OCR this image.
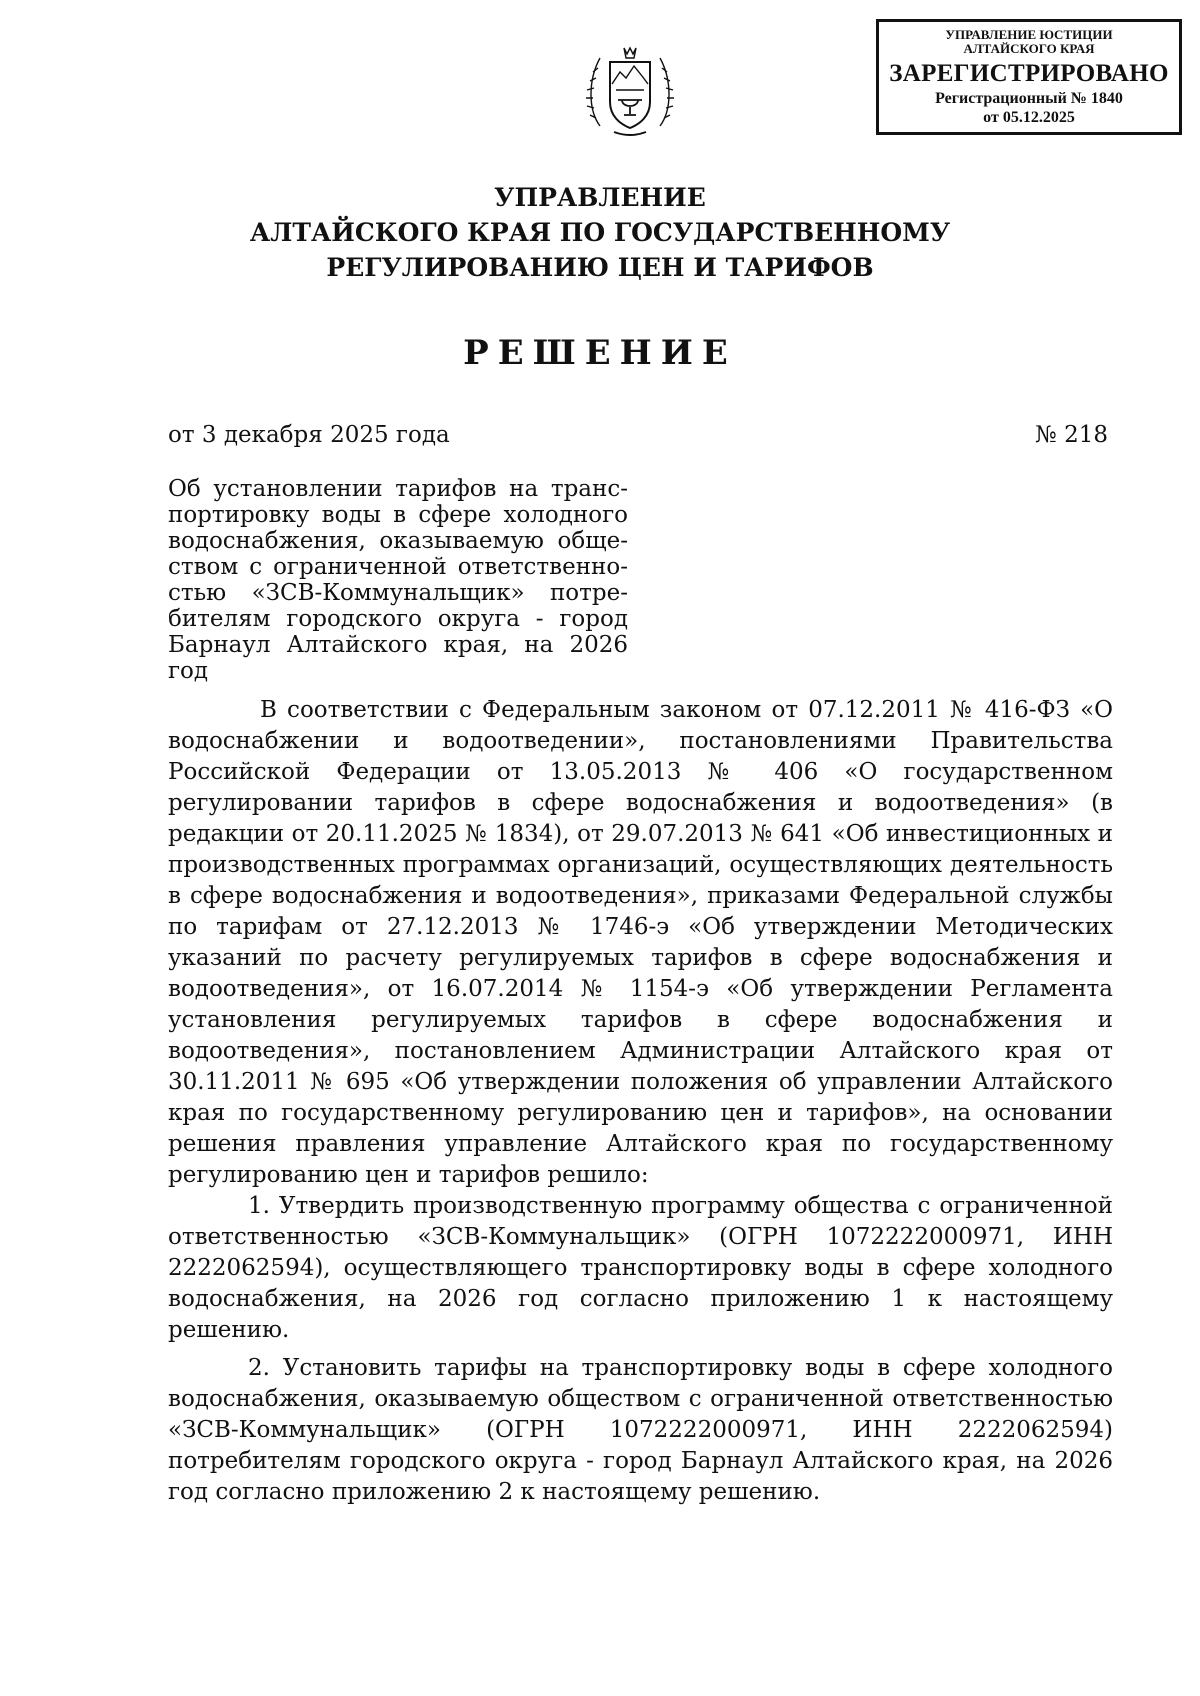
УПРАВЛЕНИЕ ЮСТИЦИИ
АЛТАЙСКОГО КРАЯ
ЗАРЕГИСТРИРОВАНО
Регистрационный № 1840
от 05.12.2025
УПРАВЛЕНИЕ
АЛТАЙСКОГО КРАЯ ПО ГОСУДАРСТВЕННОМУ
РЕГУЛИРОВАНИЮ ЦЕН И ТАРИФОВ
РЕШЕНИЕ
от 3 декабря 2025 года	№ 218
Об установлении тарифов на транспортировку воды в сфере холодного водоснабжения, оказываемую обществом с ограниченной ответственностью «ЗСВ-Коммунальщик» потребителям городского округа - город Барнаул Алтайского края, на 2026 год

В соответствии с Федеральным законом от 07.12.2011 № 416-ФЗ «О водоснабжении и водоотведении», постановлениями Правительства Российской Федерации от 13.05.2013 № 406 «О государственном регулировании тарифов в сфере водоснабжения и водоотведения» (в редакции от 20.11.2025 № 1834), от 29.07.2013 № 641 «Об инвестиционных и производственных программах организаций, осуществляющих деятельность в сфере водоснабжения и водоотведения», приказами Федеральной службы по тарифам от 27.12.2013 № 1746-э «Об утверждении Методических указаний по расчету регулируемых тарифов в сфере водоснабжения и водоотведения», от 16.07.2014 № 1154-э «Об утверждении Регламента установления регулируемых тарифов в сфере водоснабжения и водоотведения», постановлением Администрации Алтайского края от 30.11.2011 № 695 «Об утверждении положения об управлении Алтайского края по государственному регулированию цен и тарифов», на основании решения правления управление Алтайского края по государственному регулированию цен и тарифов решило:

1. Утвердить производственную программу общества с ограниченной ответственностью «ЗСВ-Коммунальщик» (ОГРН 1072222000971, ИНН 2222062594), осуществляющего транспортировку воды в сфере холодного водоснабжения, на 2026 год согласно приложению 1 к настоящему решению.

2. Установить тарифы на транспортировку воды в сфере холодного водоснабжения, оказываемую обществом с ограниченной ответственностью «ЗСВ-Коммунальщик» (ОГРН 1072222000971, ИНН 2222062594) потребителям городского округа - город Барнаул Алтайского края, на 2026 год согласно приложению 2 к настоящему решению.
